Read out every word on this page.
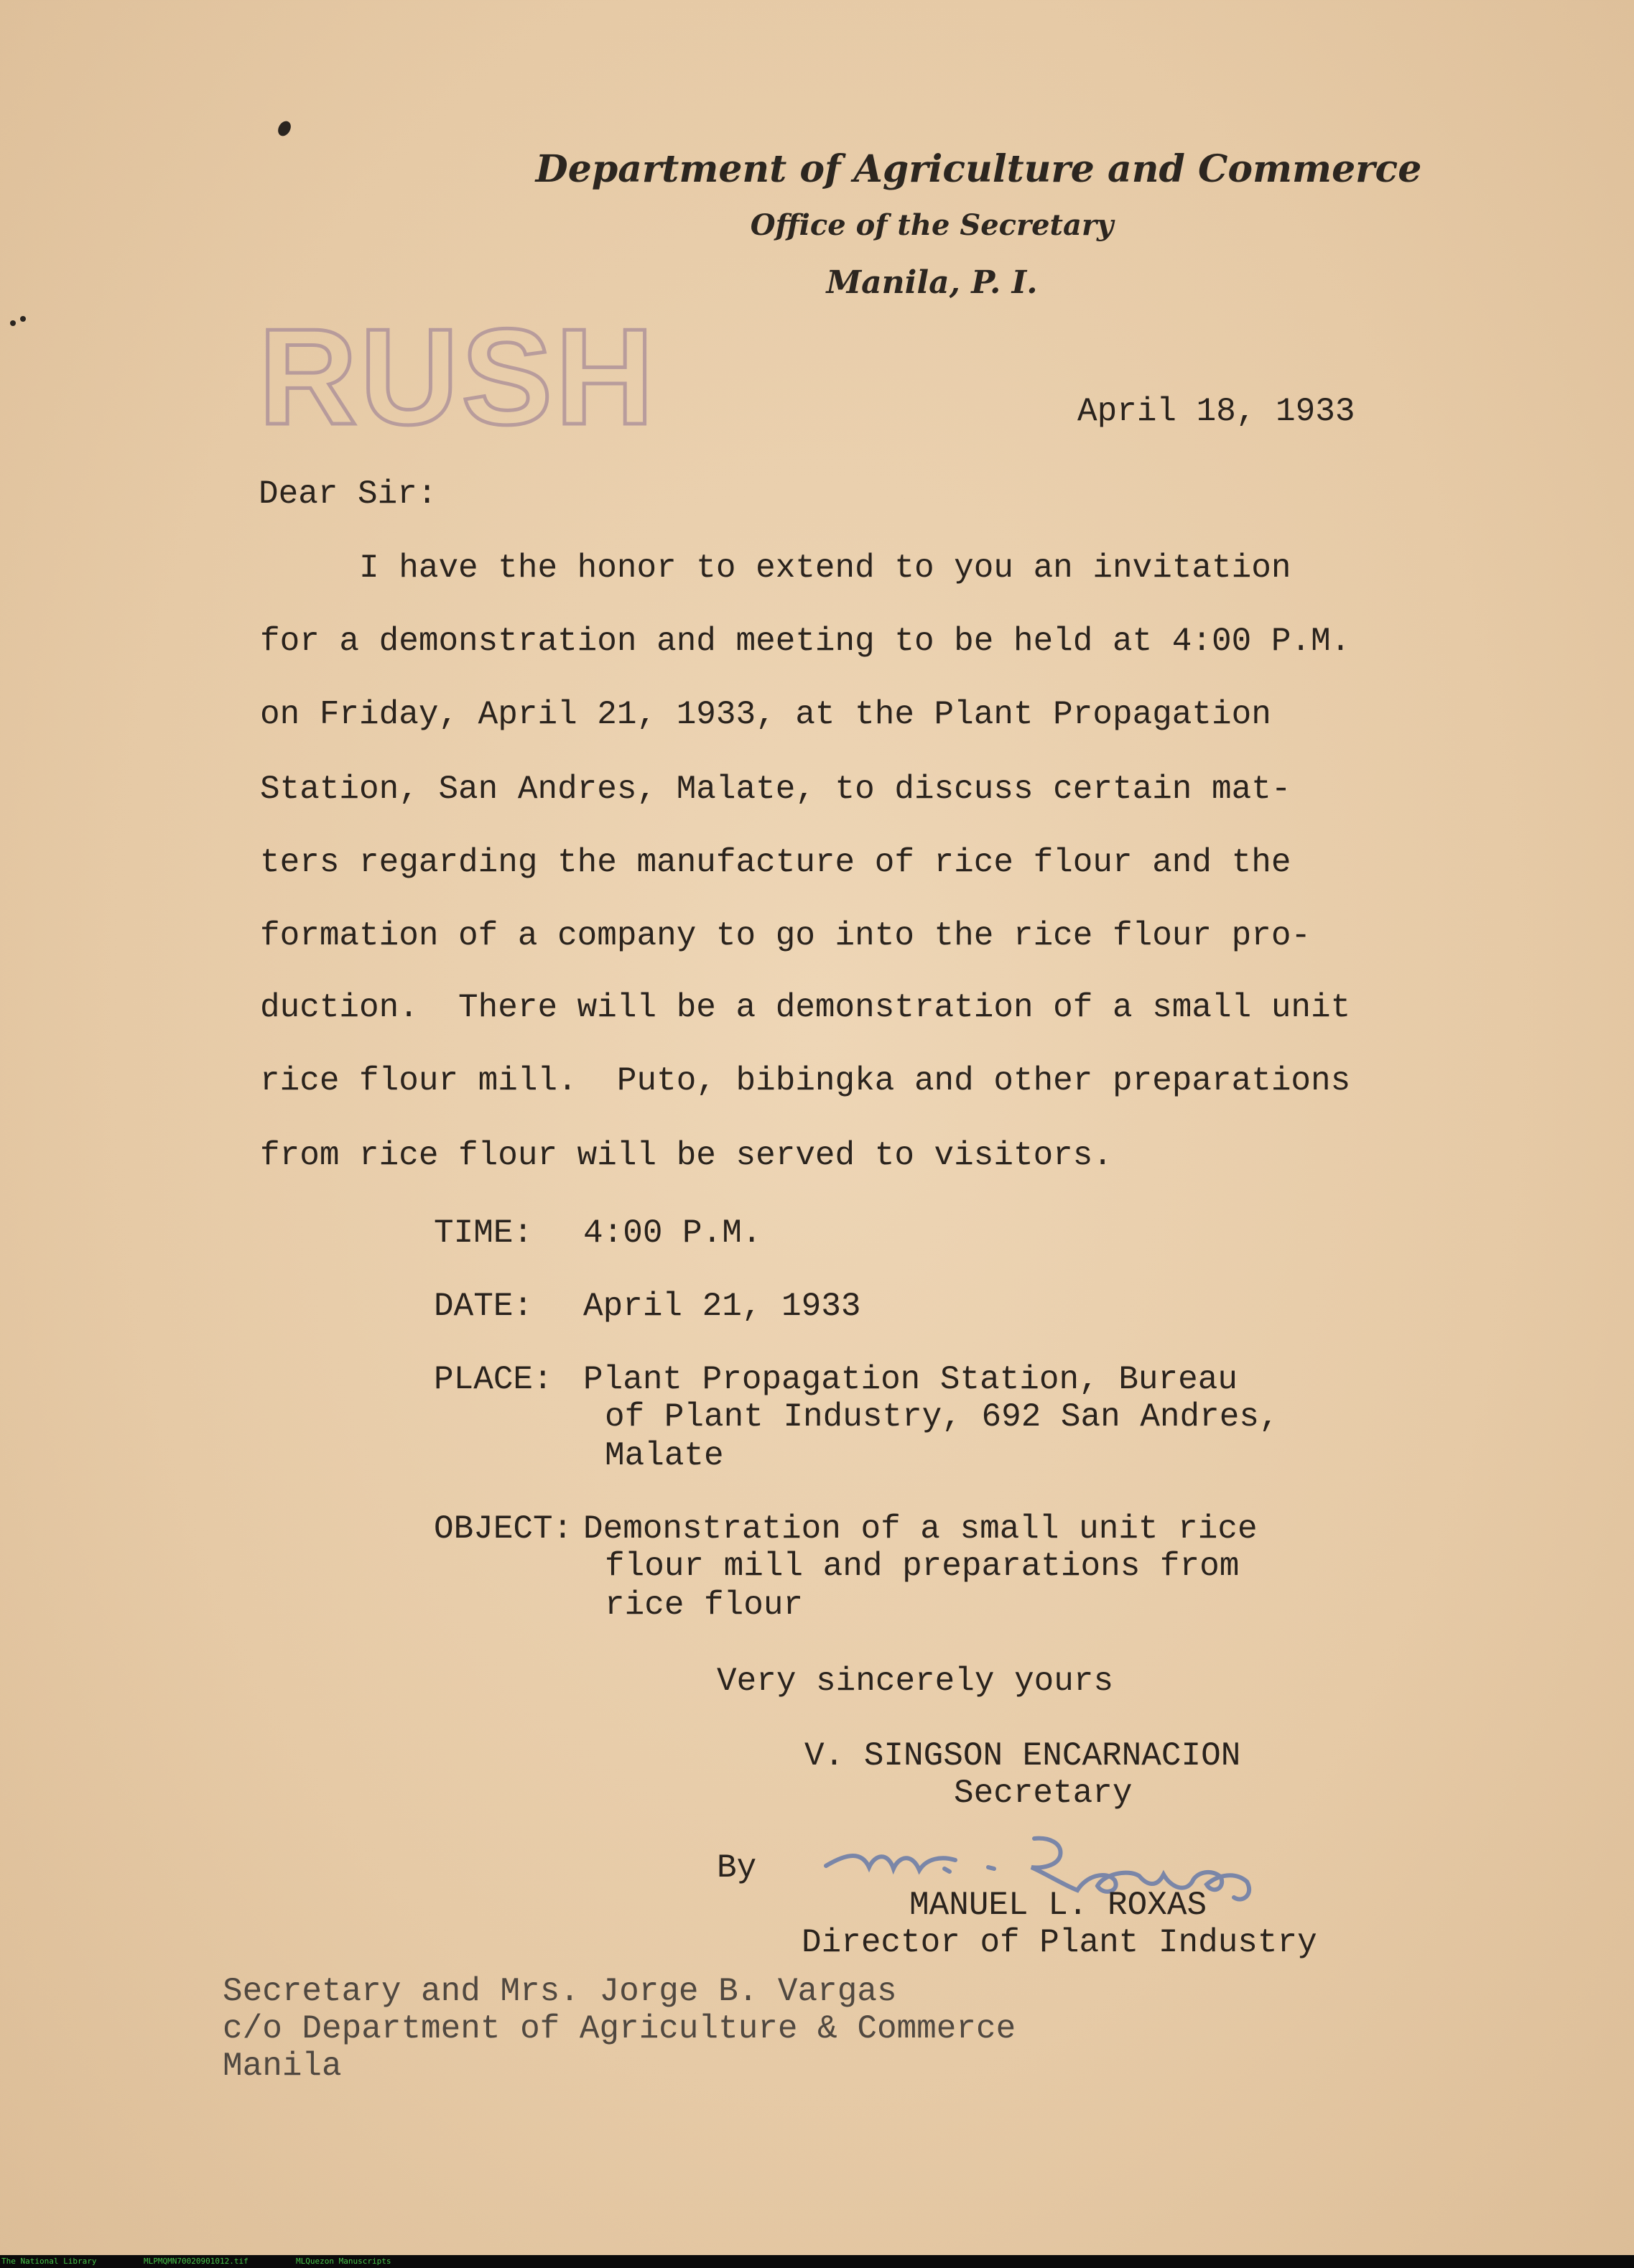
Department of Agriculture and Commerce
Office of the Secretary
Manila, P. I.
RUSH	April 18, 1933
Dear Sir:
I have the honor to extend to you an invitation
for a demonstration and meeting to be held at 4:00 P.M.
on Friday, April 21, 1933, at the Plant Propagation
Station, San Andres, Malate, to discuss certain mat-
ters regarding the manufacture of rice flour and the
formation of a company to go into the rice flour pro-
duction.  There will be a demonstration of a small unit
rice flour mill.  Puto, bibingka and other preparations
from rice flour will be served to visitors.
TIME: 4:00 P.M.
DATE: April 21, 1933
PLACE: Plant Propagation Station, Bureau
of Plant Industry, 692 San Andres,
Malate
OBJECT: Demonstration of a small unit rice
flour mill and preparations from
rice flour
Very sincerely yours
V. SINGSON ENCARNACION
Secretary
By
MANUEL L. ROXAS
Director of Plant Industry
Secretary and Mrs. Jorge B. Vargas
c/o Department of Agriculture & Commerce
Manila
The National Library	MLPMQMN70020901012.tif	MLQuezon Manuscripts
